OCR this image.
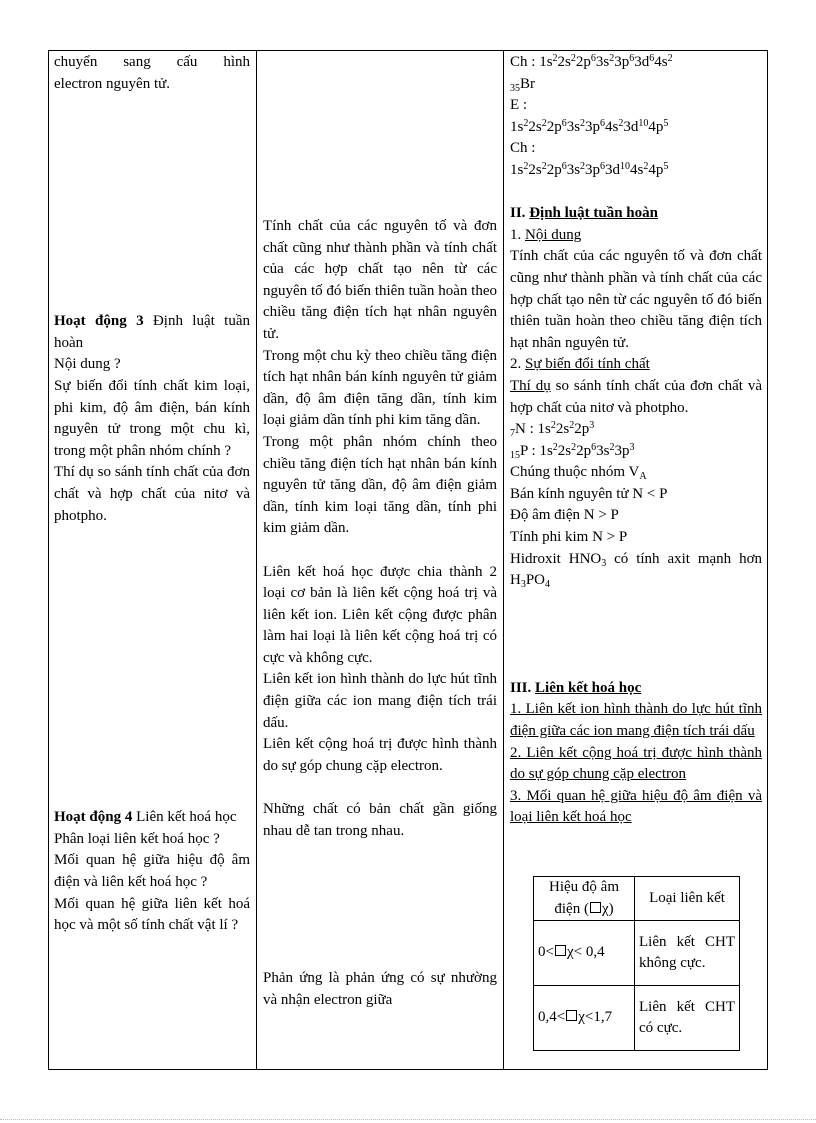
chuyển sang cấu hình
electron nguyên tử.
Hoạt động 3 Định luật tuần hoàn
Nội dung ?
Sự biến đổi tính chất kim loại, phi kim, độ âm điện, bán kính nguyên tử trong một chu kì, trong một phân nhóm chính ?
Thí dụ so sánh tính chất của đơn chất và hợp chất của nitơ và photpho.
Hoạt động 4 Liên kết hoá học
Phân loại liên kết hoá học ?
Mối quan hệ giữa hiệu độ âm điện và liên kết hoá học ?
Mối quan hệ giữa liên kết hoá học và một số tính chất vật lí ?
Tính chất của các nguyên tố và đơn chất cũng như thành phần và tính chất của các hợp chất tạo nên từ các nguyên tố đó biến thiên tuần hoàn theo chiều tăng điện tích hạt nhân nguyên tử.
Trong một chu kỳ theo chiều tăng điện tích hạt nhân bán kính nguyên tử giảm dần, độ âm điện tăng dần, tính kim loại giảm dần tính phi kim tăng dần.
Trong một phân nhóm chính theo chiều tăng điện tích hạt nhân bán kính nguyên tử tăng dần, độ âm điện giảm dần, tính kim loại tăng dần, tính phi kim giảm dần.
Liên kết hoá học được chia thành 2 loại cơ bản là liên kết cộng hoá trị và liên kết ion. Liên kết cộng được phân làm hai loại là liên kết cộng hoá trị có cực và không cực.
Liên kết ion hình thành do lực hút tĩnh điện giữa các ion mang điện tích trái dấu.
Liên kết cộng hoá trị được hình thành do sự góp chung cặp electron.
Những chất có bản chất gần giống nhau dễ tan trong nhau.
Phản ứng là phản ứng có sự nhường và nhận electron giữa
Ch : $1s^22s^22p^63s^23p^63d^64s^2$
$_{35}$Br
E :
$1s^22s^22p^63s^23p^64s^23d^{10}4p^5$
Ch :
$1s^22s^22p^63s^23p^63d^{10}4s^24p^5$
II. Định luật tuần hoàn
1. Nội dung
Tính chất của các nguyên tố và đơn chất cũng như thành phần và tính chất của các hợp chất tạo nên từ các nguyên tố đó biến thiên tuần hoàn theo chiều tăng điện tích hạt nhân nguyên tử.
2. Sự biến đổi tính chất
Thí dụ so sánh tính chất của đơn chất và hợp chất của nitơ và photpho.
$_7$N : $1s^22s^22p^3$
$_{15}$P : $1s^22s^22p^63s^23p^3$
Chúng thuộc nhóm $V_A$
Bán kính nguyên tử N < P
Độ âm điện N > P
Tính phi kim N > P
Hidroxit $HNO_3$ có tính axit mạnh hơn $H_3PO_4$
III. Liên kết hoá học
1. Liên kết ion hình thành do lực hút tĩnh điện giữa các ion mang điện tích trái dấu
2. Liên kết cộng hoá trị được hình thành do sự góp chung cặp electron
3. Mối quan hệ giữa hiệu độ âm điện và loại liên kết hoá học
Hiệu độ âm điện ( χ)	Loại liên kết
0< χ< 0,4	Liên kết CHT không cực.
0,4< χ<1,7	Liên kết CHT có cực.
